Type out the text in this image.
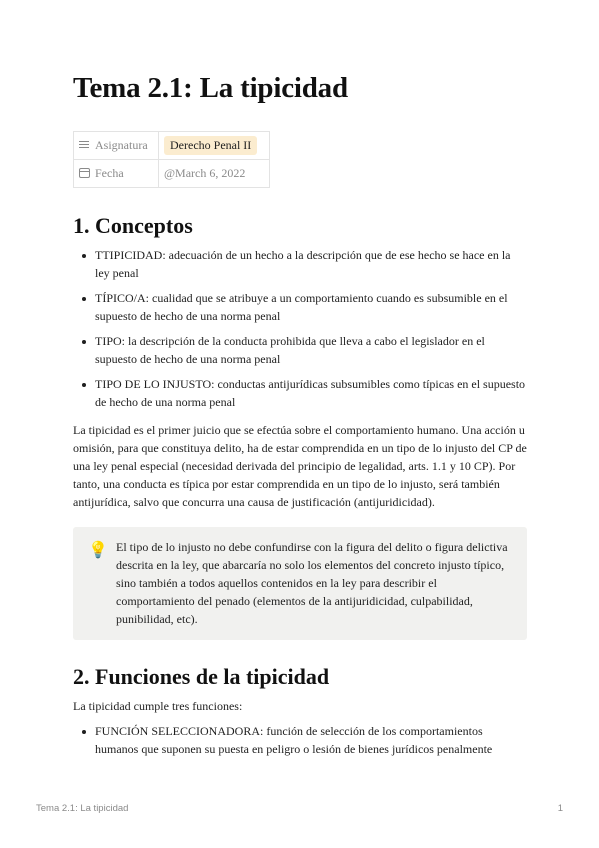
Tema 2.1: La tipicidad
Asignatura	Derecho Penal II
Fecha	@March 6, 2022
1. Conceptos
TTIPICIDAD: adecuación de un hecho a la descripción que de ese hecho se hace en la ley penal
TÍPICO/A: cualidad que se atribuye a un comportamiento cuando es subsumible en el supuesto de hecho de una norma penal
TIPO: la descripción de la conducta prohibida que lleva a cabo el legislador en el supuesto de hecho de una norma penal
TIPO DE LO INJUSTO: conductas antijurídicas subsumibles como típicas en el supuesto de hecho de una norma penal

La tipicidad es el primer juicio que se efectúa sobre el comportamiento humano. Una acción u omisión, para que constituya delito, ha de estar comprendida en un tipo de lo injusto del CP de una ley penal especial (necesidad derivada del principio de legalidad, arts. 1.1 y 10 CP). Por tanto, una conducta es típica por estar comprendida en un tipo de lo injusto, será también antijurídica, salvo que concurra una causa de justificación (antijuridicidad).

💡 El tipo de lo injusto no debe confundirse con la figura del delito o figura delictiva descrita en la ley, que abarcaría no solo los elementos del concreto injusto típico, sino también a todos aquellos contenidos en la ley para describir el comportamiento del penado (elementos de la antijuridicidad, culpabilidad, punibilidad, etc).
2. Funciones de la tipicidad

La tipicidad cumple tres funciones:

FUNCIÓN SELECCIONADORA: función de selección de los comportamientos humanos que suponen su puesta en peligro o lesión de bienes jurídicos penalmente
Tema 2.1: La tipicidad	1
